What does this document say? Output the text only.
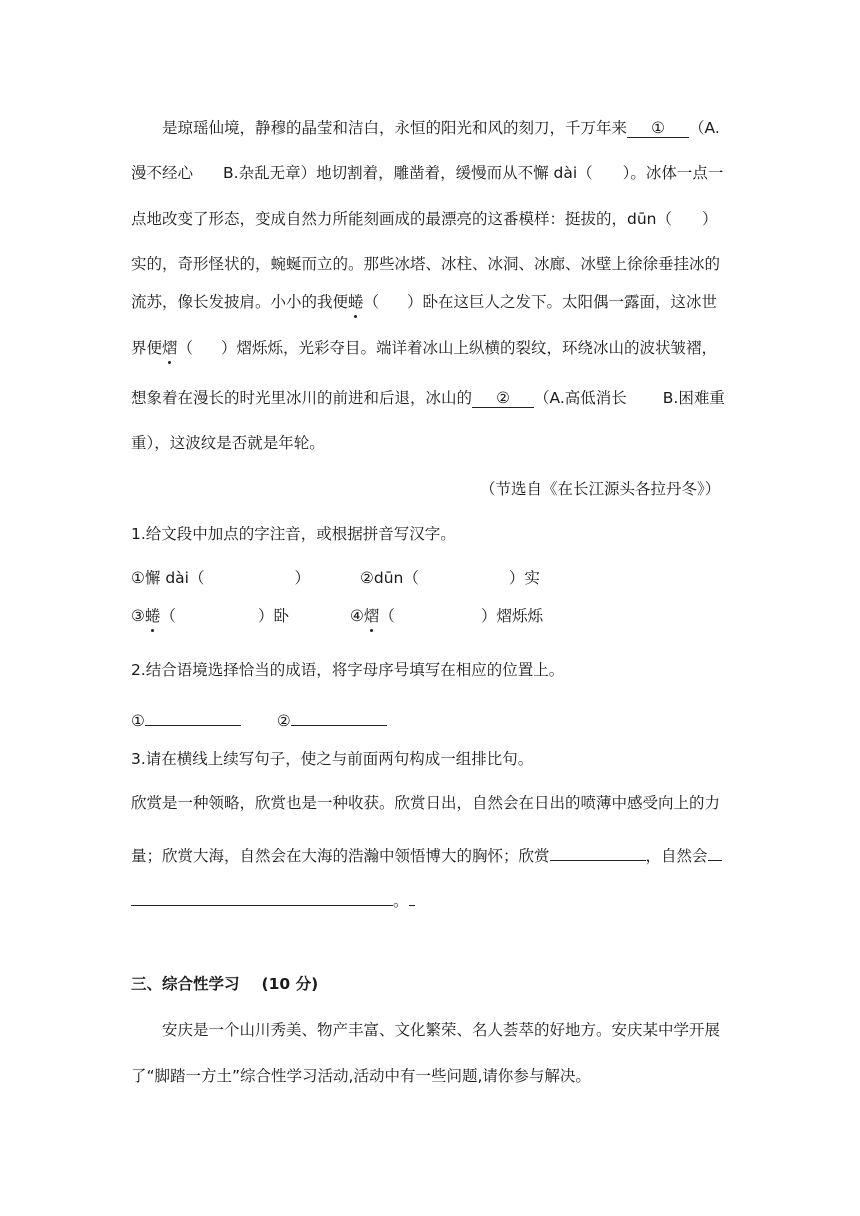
是琼瑶仙境，静穆的晶莹和洁白，永恒的阳光和风的刻刀，千万年来 ① （A.
漫不经心 B.杂乱无章）地切割着，雕凿着，缓慢而从不懈 dài（ ）。冰体一点一
点地改变了形态，变成自然力所能刻画成的最漂亮的这番模样：挺拔的，dūn（ ）
实的，奇形怪状的，蜿蜒而立的。那些冰塔、冰柱、冰洞、冰廊、冰壁上徐徐垂挂冰的
流苏，像长发披肩。小小的我便蜷（ ）卧在这巨人之发下。太阳偶一露面，这冰世
界便熠（ ）熠烁烁，光彩夺目。端详着冰山上纵横的裂纹，环绕冰山的波状皱褶，
想象着在漫长的时光里冰川的前进和后退，冰山的 ② （A.高低消长 B.困难重
重），这波纹是否就是年轮。
（节选自《在长江源头各拉丹冬》）
1.给文段中加点的字注音，或根据拼音写汉字。
①懈 dài（	）	②dūn（	）实
③蜷（	）卧	④熠（	）熠烁烁
2.结合语境选择恰当的成语，将字母序号填写在相应的位置上。
①	②
3.请在横线上续写句子，使之与前面两句构成一组排比句。
欣赏是一种领略，欣赏也是一种收获。欣赏日出，自然会在日出的喷薄中感受向上的力
量；欣赏大海，自然会在大海的浩瀚中领悟博大的胸怀；欣赏	，自然会
。
三、综合性学习 (10 分)
安庆是一个山川秀美、物产丰富、文化繁荣、名人荟萃的好地方。安庆某中学开展
了“脚踏一方土”综合性学习活动,活动中有一些问题,请你参与解决。
